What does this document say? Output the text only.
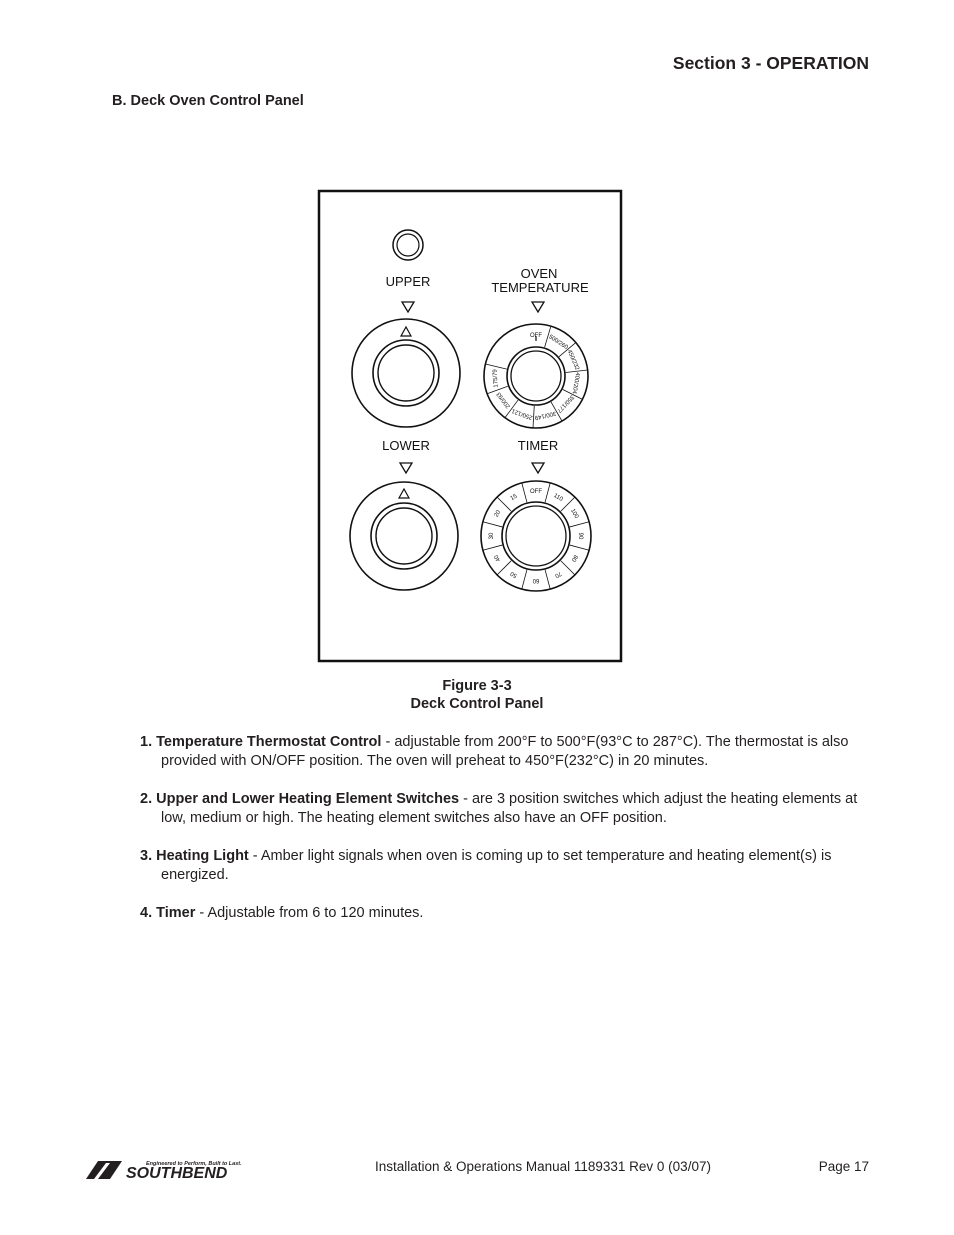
Section 3 - OPERATION
B. Deck Oven Control Panel
UPPER
OVEN
TEMPERATURE
LOWER	TIMER
OFF 500/260
450/232
400/204
350/177
300/149
250/121
200/93
175/79
OFF
110
100
90
80
70
60
50
40
30
20
15
Figure 3-3
Deck Control Panel

1. Temperature Thermostat Control - adjustable from 200°F to 500°F(93°C to 287°C). The thermostat is also provided with ON/OFF position. The oven will preheat to 450°F(232°C) in 20 minutes.

2. Upper and Lower Heating Element Switches - are 3 position switches which adjust the heating elements at low, medium or high. The heating element switches also have an OFF position.

3. Heating Light - Amber light signals when oven is coming up to set temperature and heating element(s) is energized.

4. Timer - Adjustable from 6 to 120 minutes.

SOUTHBEND
Engineered to Perform, Built to Last.	Installation & Operations Manual 1189331 Rev 0 (03/07)	Page 17
